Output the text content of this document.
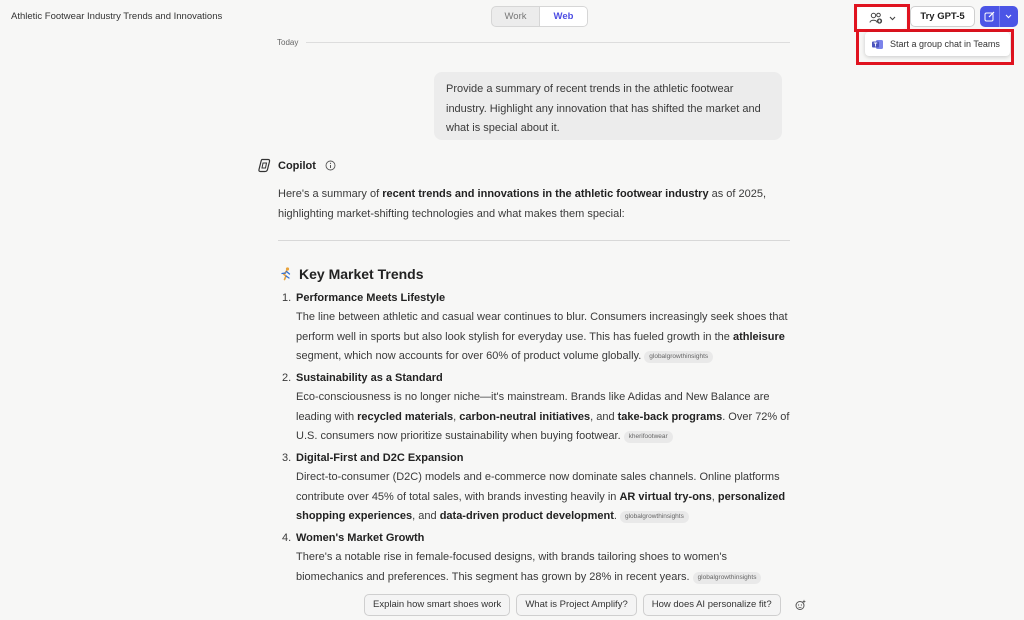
Athletic Footwear Industry Trends and Innovations	Work	Web	Try GPT-5
Start a group chat in Teams
Today
Provide a summary of recent trends in the athletic footwear industry. Highlight any innovation that has shifted the market and what is special about it.
Copilot
Here's a summary of recent trends and innovations in the athletic footwear industry as of 2025, highlighting market-shifting technologies and what makes them special:
Key Market Trends
1. Performance Meets Lifestyle
The line between athletic and casual wear continues to blur. Consumers increasingly seek shoes that perform well in sports but also look stylish for everyday use. This has fueled growth in the athleisure segment, which now accounts for over 60% of product volume globally. globalgrowthinsights
2. Sustainability as a Standard
Eco-consciousness is no longer niche—it's mainstream. Brands like Adidas and New Balance are leading with recycled materials, carbon-neutral initiatives, and take-back programs. Over 72% of U.S. consumers now prioritize sustainability when buying footwear. kherifootwear
3. Digital-First and D2C Expansion
Direct-to-consumer (D2C) models and e-commerce now dominate sales channels. Online platforms contribute over 45% of total sales, with brands investing heavily in AR virtual try-ons, personalized shopping experiences, and data-driven product development. globalgrowthinsights
4. Women's Market Growth
There's a notable rise in female-focused designs, with brands tailoring shoes to women's biomechanics and preferences. This segment has grown by 28% in recent years. globalgrowthinsights
Explain how smart shoes work	What is Project Amplify?	How does AI personalize fit?
